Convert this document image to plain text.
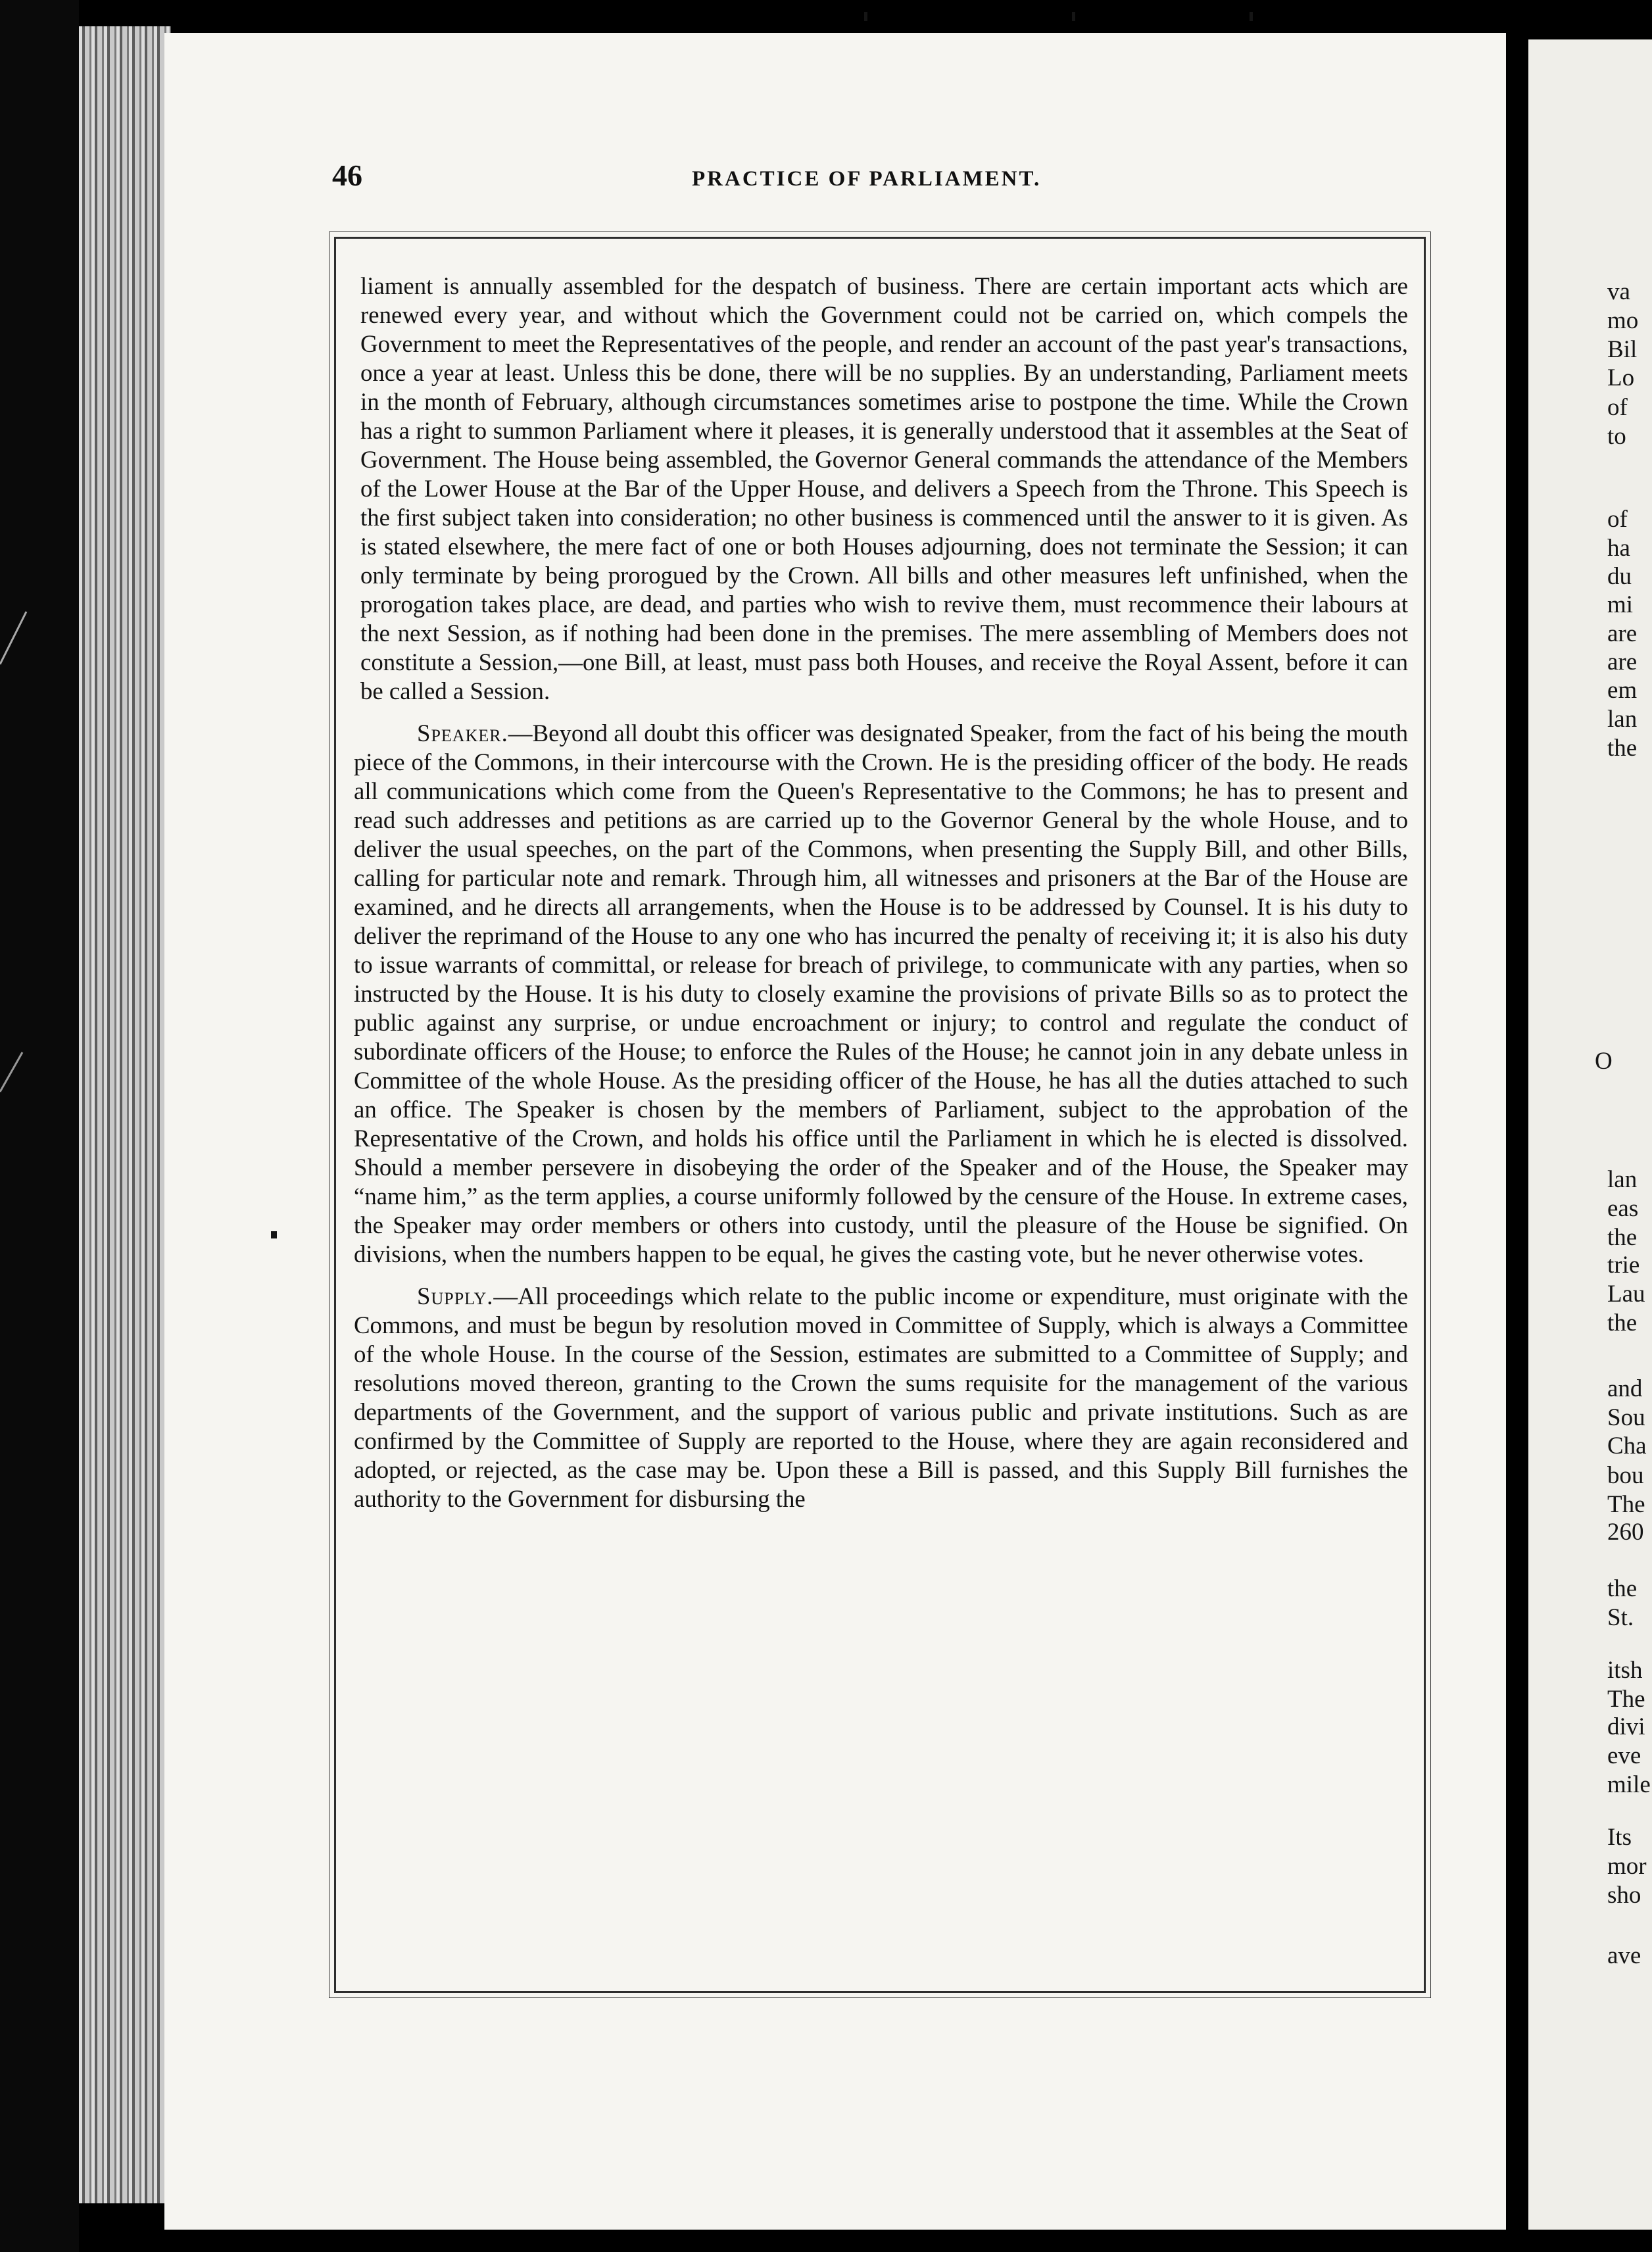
46	PRACTICE OF PARLIAMENT.

liament is annually assembled for the despatch of business. There are certain important acts which are renewed every year, and without which the Government could not be carried on, which compels the Government to meet the Representatives of the people, and render an account of the past year's transactions, once a year at least. Unless this be done, there will be no supplies. By an understanding, Parliament meets in the month of February, although circumstances sometimes arise to postpone the time. While the Crown has a right to summon Parliament where it pleases, it is generally understood that it assembles at the Seat of Government. The House being assembled, the Governor General commands the attendance of the Members of the Lower House at the Bar of the Upper House, and delivers a Speech from the Throne. This Speech is the first subject taken into consideration; no other business is commenced until the answer to it is given. As is stated elsewhere, the mere fact of one or both Houses adjourning, does not terminate the Session; it can only terminate by being prorogued by the Crown. All bills and other measures left unfinished, when the prorogation takes place, are dead, and parties who wish to revive them, must recommence their labours at the next Session, as if nothing had been done in the premises. The mere assembling of Members does not constitute a Session,—one Bill, at least, must pass both Houses, and receive the Royal Assent, before it can be called a Session.

Speaker.—Beyond all doubt this officer was designated Speaker, from the fact of his being the mouth piece of the Commons, in their intercourse with the Crown. He is the presiding officer of the body. He reads all communications which come from the Queen's Representative to the Commons; he has to present and read such addresses and petitions as are carried up to the Governor General by the whole House, and to deliver the usual speeches, on the part of the Commons, when presenting the Supply Bill, and other Bills, calling for particular note and remark. Through him, all witnesses and prisoners at the Bar of the House are examined, and he directs all arrangements, when the House is to be addressed by Counsel. It is his duty to deliver the reprimand of the House to any one who has incurred the penalty of receiving it; it is also his duty to issue warrants of committal, or release for breach of privilege, to communicate with any parties, when so instructed by the House. It is his duty to closely examine the provisions of private Bills so as to protect the public against any surprise, or undue encroachment or injury; to control and regulate the conduct of subordinate officers of the House; to enforce the Rules of the House; he cannot join in any debate unless in Committee of the whole House. As the presiding officer of the House, he has all the duties attached to such an office. The Speaker is chosen by the members of Parliament, subject to the approbation of the Representative of the Crown, and holds his office until the Parliament in which he is elected is dissolved. Should a member persevere in disobeying the order of the Speaker and of the House, the Speaker may “name him,” as the term applies, a course uniformly followed by the censure of the House. In extreme cases, the Speaker may order members or others into custody, until the pleasure of the House be signified. On divisions, when the numbers happen to be equal, he gives the casting vote, but he never otherwise votes.

Supply.—All proceedings which relate to the public income or expenditure, must originate with the Commons, and must be begun by resolution moved in Committee of Supply, which is always a Committee of the whole House. In the course of the Session, estimates are submitted to a Committee of Supply; and resolutions moved thereon, granting to the Crown the sums requisite for the management of the various departments of the Government, and the support of various public and private institutions. Such as are confirmed by the Committee of Supply are reported to the House, where they are again reconsidered and adopted, or rejected, as the case may be. Upon these a Bill is passed, and this Supply Bill furnishes the authority to the Government for disbursing the

va
mo
Bil
Lo
of
to
of
ha
du
mi
are
are
em
lan
the
O
lan
eas
the
trie
Lau
the
and
Sou
Cha
bou
The
260
the
St.
itsh
The
divi
eve
mile
Its
mor
sho
ave
